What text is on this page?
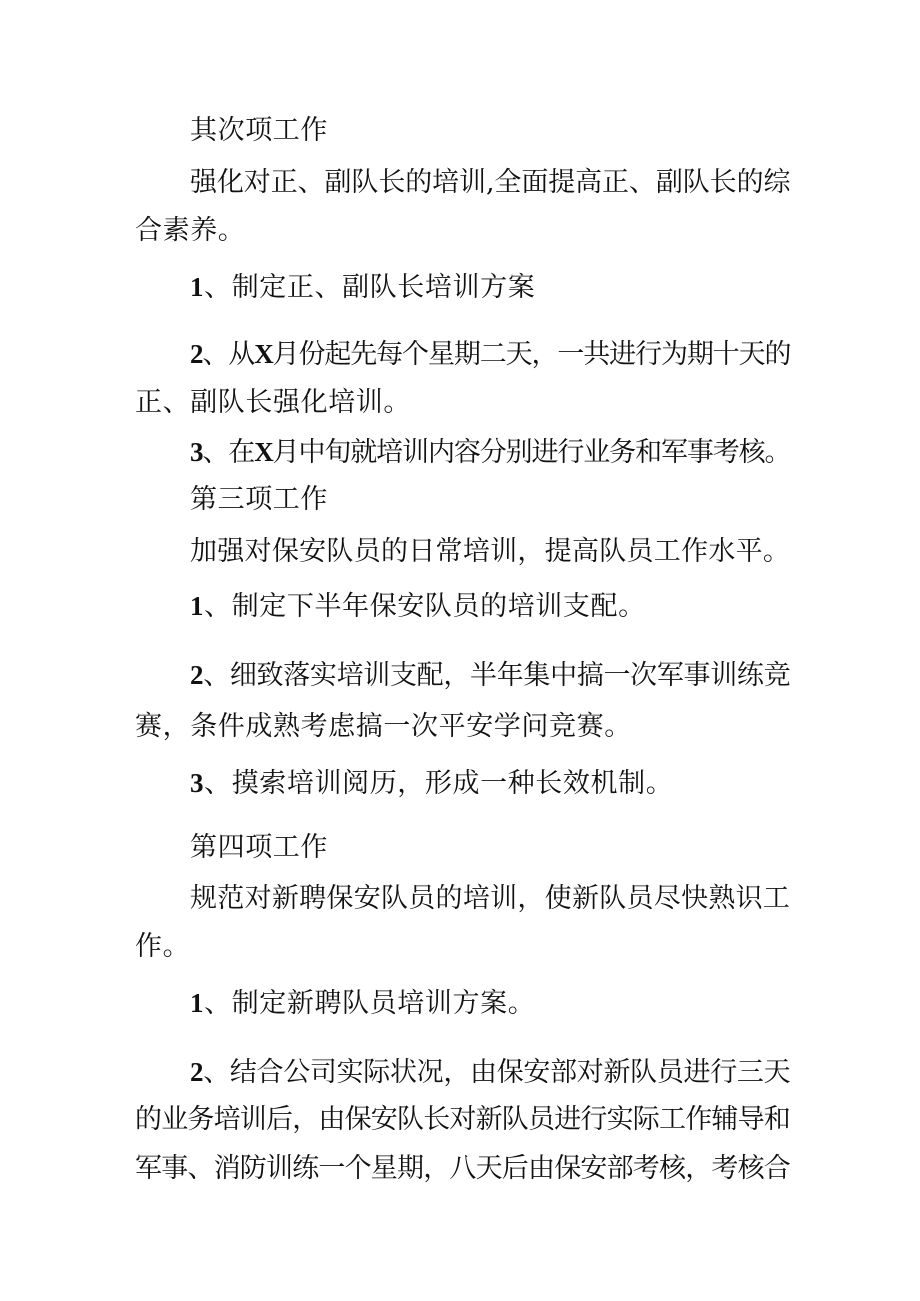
其次项工作
强化对正、副队长的培训,全面提高正、副队长的综
合素养。
1、制定正、副队长培训方案
2、从X月份起先每个星期二天，一共进行为期十天的
正、副队长强化培训。
3、在X月中旬就培训内容分别进行业务和军事考核。
第三项工作
加强对保安队员的日常培训，提高队员工作水平。
1、制定下半年保安队员的培训支配。
2、细致落实培训支配，半年集中搞一次军事训练竞
赛，条件成熟考虑搞一次平安学问竞赛。
3、摸索培训阅历，形成一种长效机制。
第四项工作
规范对新聘保安队员的培训，使新队员尽快熟识工
作。
1、制定新聘队员培训方案。
2、结合公司实际状况，由保安部对新队员进行三天
的业务培训后，由保安队长对新队员进行实际工作辅导和
军事、消防训练一个星期，八天后由保安部考核，考核合
